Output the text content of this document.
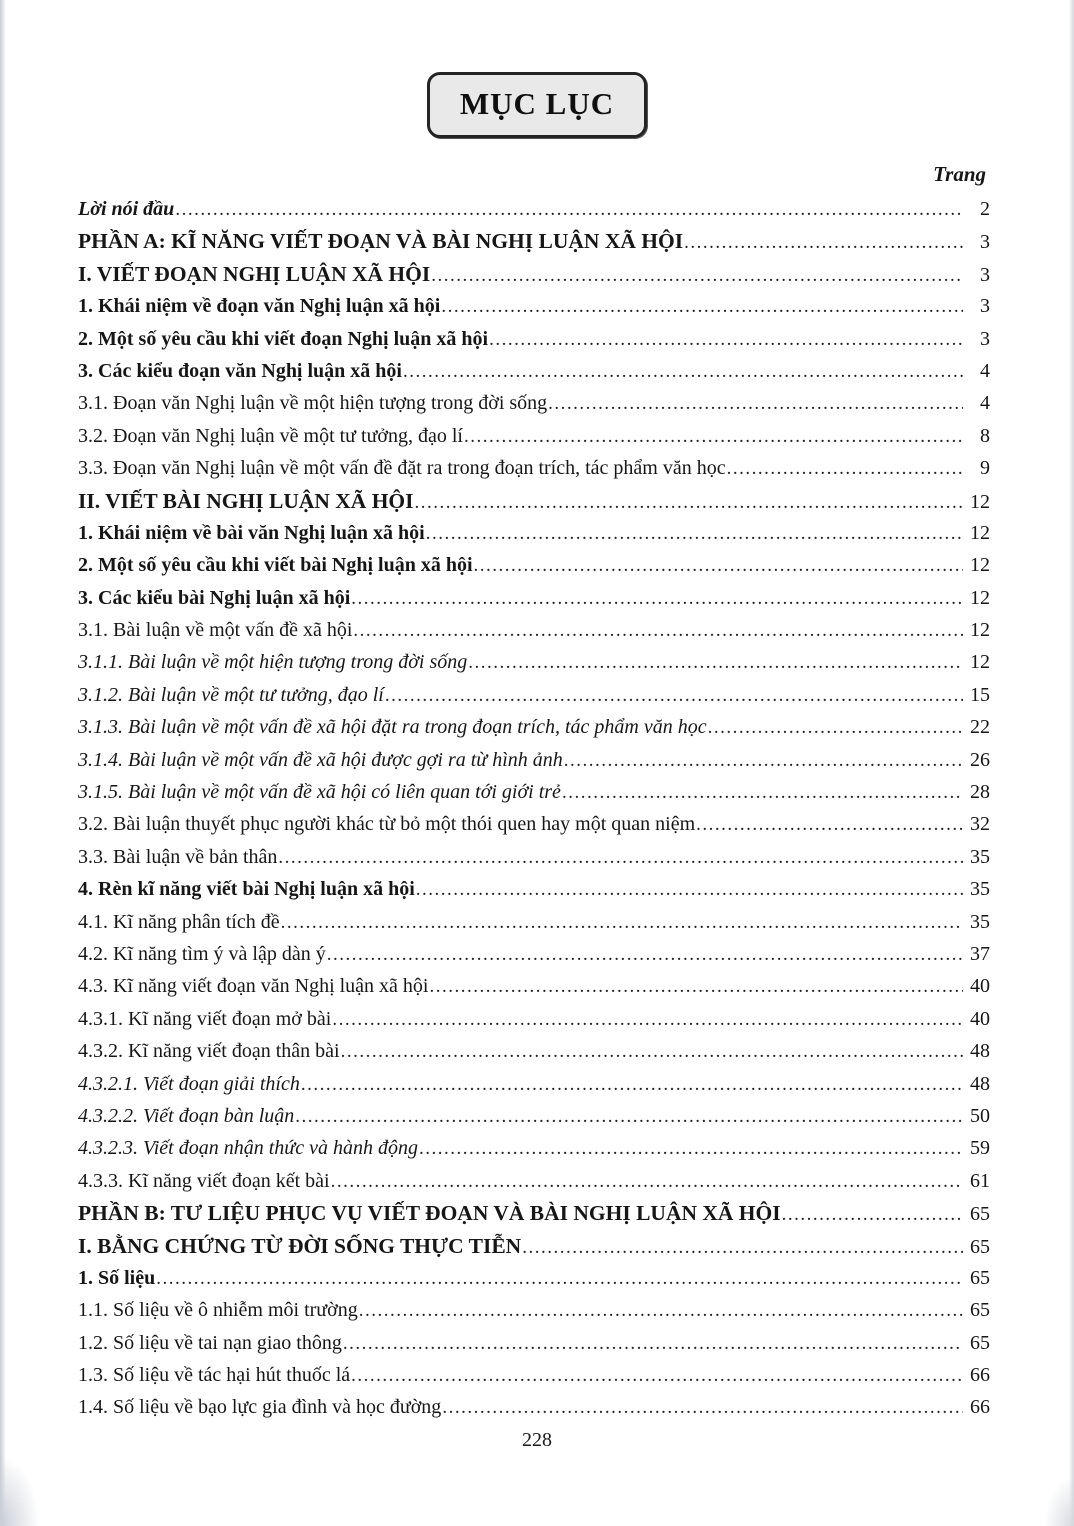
MỤC LỤC
Trang
Lời nói đầu .....	2
PHẦN A: KĨ NĂNG VIẾT ĐOẠN VÀ BÀI NGHỊ LUẬN XÃ HỘI .....	3
I. VIẾT ĐOẠN NGHỊ LUẬN XÃ HỘI .....	3
1. Khái niệm về đoạn văn Nghị luận xã hội .....	3
2. Một số yêu cầu khi viết đoạn Nghị luận xã hội .....	3
3. Các kiểu đoạn văn Nghị luận xã hội .....	4
3.1. Đoạn văn Nghị luận về một hiện tượng trong đời sống .....	4
3.2. Đoạn văn Nghị luận về một tư tưởng, đạo lí .....	8
3.3. Đoạn văn Nghị luận về một vấn đề đặt ra trong đoạn trích, tác phẩm văn học .....	9
II. VIẾT BÀI NGHỊ LUẬN XÃ HỘI .....	12
1. Khái niệm về bài văn Nghị luận xã hội .....	12
2. Một số yêu cầu khi viết bài Nghị luận xã hội .....	12
3. Các kiểu bài Nghị luận xã hội .....	12
3.1. Bài luận về một vấn đề xã hội .....	12
3.1.1. Bài luận về một hiện tượng trong đời sống .....	12
3.1.2. Bài luận về một tư tưởng, đạo lí .....	15
3.1.3. Bài luận về một vấn đề xã hội đặt ra trong đoạn trích, tác phẩm văn học .....	22
3.1.4. Bài luận về một vấn đề xã hội được gợi ra từ hình ảnh .....	26
3.1.5. Bài luận về một vấn đề xã hội có liên quan tới giới trẻ .....	28
3.2. Bài luận thuyết phục người khác từ bỏ một thói quen hay một quan niệm .....	32
3.3. Bài luận về bản thân .....	35
4. Rèn kĩ năng viết bài Nghị luận xã hội .....	35
4.1. Kĩ năng phân tích đề .....	35
4.2. Kĩ năng tìm ý và lập dàn ý .....	37
4.3. Kĩ năng viết đoạn văn Nghị luận xã hội .....	40
4.3.1. Kĩ năng viết đoạn mở bài .....	40
4.3.2. Kĩ năng viết đoạn thân bài .....	48
4.3.2.1. Viết đoạn giải thích .....	48
4.3.2.2. Viết đoạn bàn luận .....	50
4.3.2.3. Viết đoạn nhận thức và hành động .....	59
4.3.3. Kĩ năng viết đoạn kết bài .....	61
PHẦN B: TƯ LIỆU PHỤC VỤ VIẾT ĐOẠN VÀ BÀI NGHỊ LUẬN XÃ HỘI .....	65
I. BẰNG CHỨNG TỪ ĐỜI SỐNG THỰC TIỄN .....	65
1. Số liệu .....	65
1.1. Số liệu về ô nhiễm môi trường .....	65
1.2. Số liệu về tai nạn giao thông .....	65
1.3. Số liệu về tác hại hút thuốc lá .....	66
1.4. Số liệu về bạo lực gia đình và học đường .....	66
228
